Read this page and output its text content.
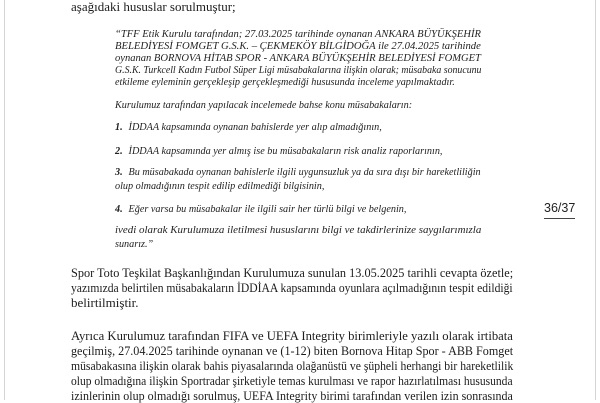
aşağıdaki hususlar sorulmuştur;
“TFF Etik Kurulu tarafından; 27.03.2025 tarihinde oynanan ANKARA BÜYÜKŞEHİR
BELEDİYESİ FOMGET G.S.K. – ÇEKMEKÖY BİLGİDOĞA ile 27.04.2025 tarihinde
oynanan BORNOVA HİTAB SPOR - ANKARA BÜYÜKŞEHİR BELEDİYESİ FOMGET
G.S.K. Turkcell Kadın Futbol Süper Ligi müsabakalarına ilişkin olarak; müsabaka sonucunu
etkileme eyleminin gerçekleşip gerçekleşmediği hususunda inceleme yapılmaktadır.
Kurulumuz tarafından yapılacak incelemede bahse konu müsabakaların:
1. İDDAA kapsamında oynanan bahislerde yer alıp almadığının,
2. İDDAA kapsamında yer almış ise bu müsabakaların risk analiz raporlarının,
3. Bu müsabakada oynanan bahislerle ilgili uygunsuzluk ya da sıra dışı bir hareketliliğin
olup olmadığının tespit edilip edilmediği bilgisinin,
4. Eğer varsa bu müsabakalar ile ilgili sair her türlü bilgi ve belgenin,
ivedi olarak Kurulumuza iletilmesi hususlarını bilgi ve takdirlerinize saygılarımızla
sunarız.”
36/37
Spor Toto Teşkilat Başkanlığından Kurulumuza sunulan 13.05.2025 tarihli cevapta özetle;
yazımızda belirtilen müsabakaların İDDİAA kapsamında oyunlara açılmadığının tespit edildiği
belirtilmiştir.
Ayrıca Kurulumuz tarafından FIFA ve UEFA Integrity birimleriyle yazılı olarak irtibata
geçilmiş, 27.04.2025 tarihinde oynanan ve (1-12) biten Bornova Hitap Spor - ABB Fomget
müsabakasına ilişkin olarak bahis piyasalarında olağanüstü ve şüpheli herhangi bir hareketlilik
olup olmadığına ilişkin Sportradar şirketiyle temas kurulması ve rapor hazırlatılması hususunda
izinlerinin olup olmadığı sorulmuş, UEFA Integrity birimi tarafından verilen izin sonrasında
